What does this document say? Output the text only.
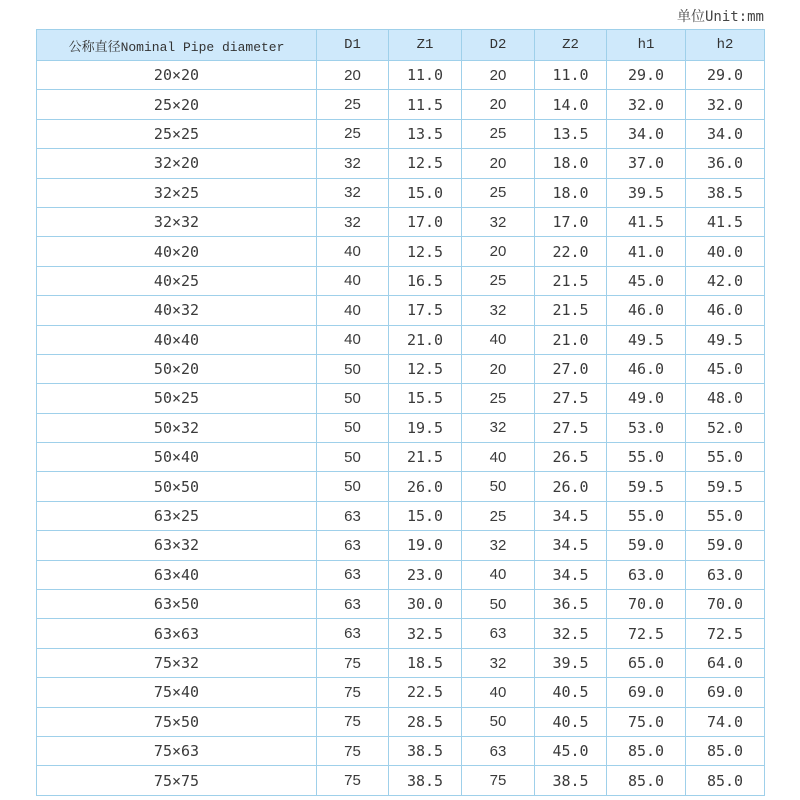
单位Unit:mm
公称直径Nominal Pipe diameter	D1	Z1	D2	Z2	h1	h2
20×20	20	11.0	20	11.0	29.0	29.0
25×20	25	11.5	20	14.0	32.0	32.0
25×25	25	13.5	25	13.5	34.0	34.0
32×20	32	12.5	20	18.0	37.0	36.0
32×25	32	15.0	25	18.0	39.5	38.5
32×32	32	17.0	32	17.0	41.5	41.5
40×20	40	12.5	20	22.0	41.0	40.0
40×25	40	16.5	25	21.5	45.0	42.0
40×32	40	17.5	32	21.5	46.0	46.0
40×40	40	21.0	40	21.0	49.5	49.5
50×20	50	12.5	20	27.0	46.0	45.0
50×25	50	15.5	25	27.5	49.0	48.0
50×32	50	19.5	32	27.5	53.0	52.0
50×40	50	21.5	40	26.5	55.0	55.0
50×50	50	26.0	50	26.0	59.5	59.5
63×25	63	15.0	25	34.5	55.0	55.0
63×32	63	19.0	32	34.5	59.0	59.0
63×40	63	23.0	40	34.5	63.0	63.0
63×50	63	30.0	50	36.5	70.0	70.0
63×63	63	32.5	63	32.5	72.5	72.5
75×32	75	18.5	32	39.5	65.0	64.0
75×40	75	22.5	40	40.5	69.0	69.0
75×50	75	28.5	50	40.5	75.0	74.0
75×63	75	38.5	63	45.0	85.0	85.0
75×75	75	38.5	75	38.5	85.0	85.0
